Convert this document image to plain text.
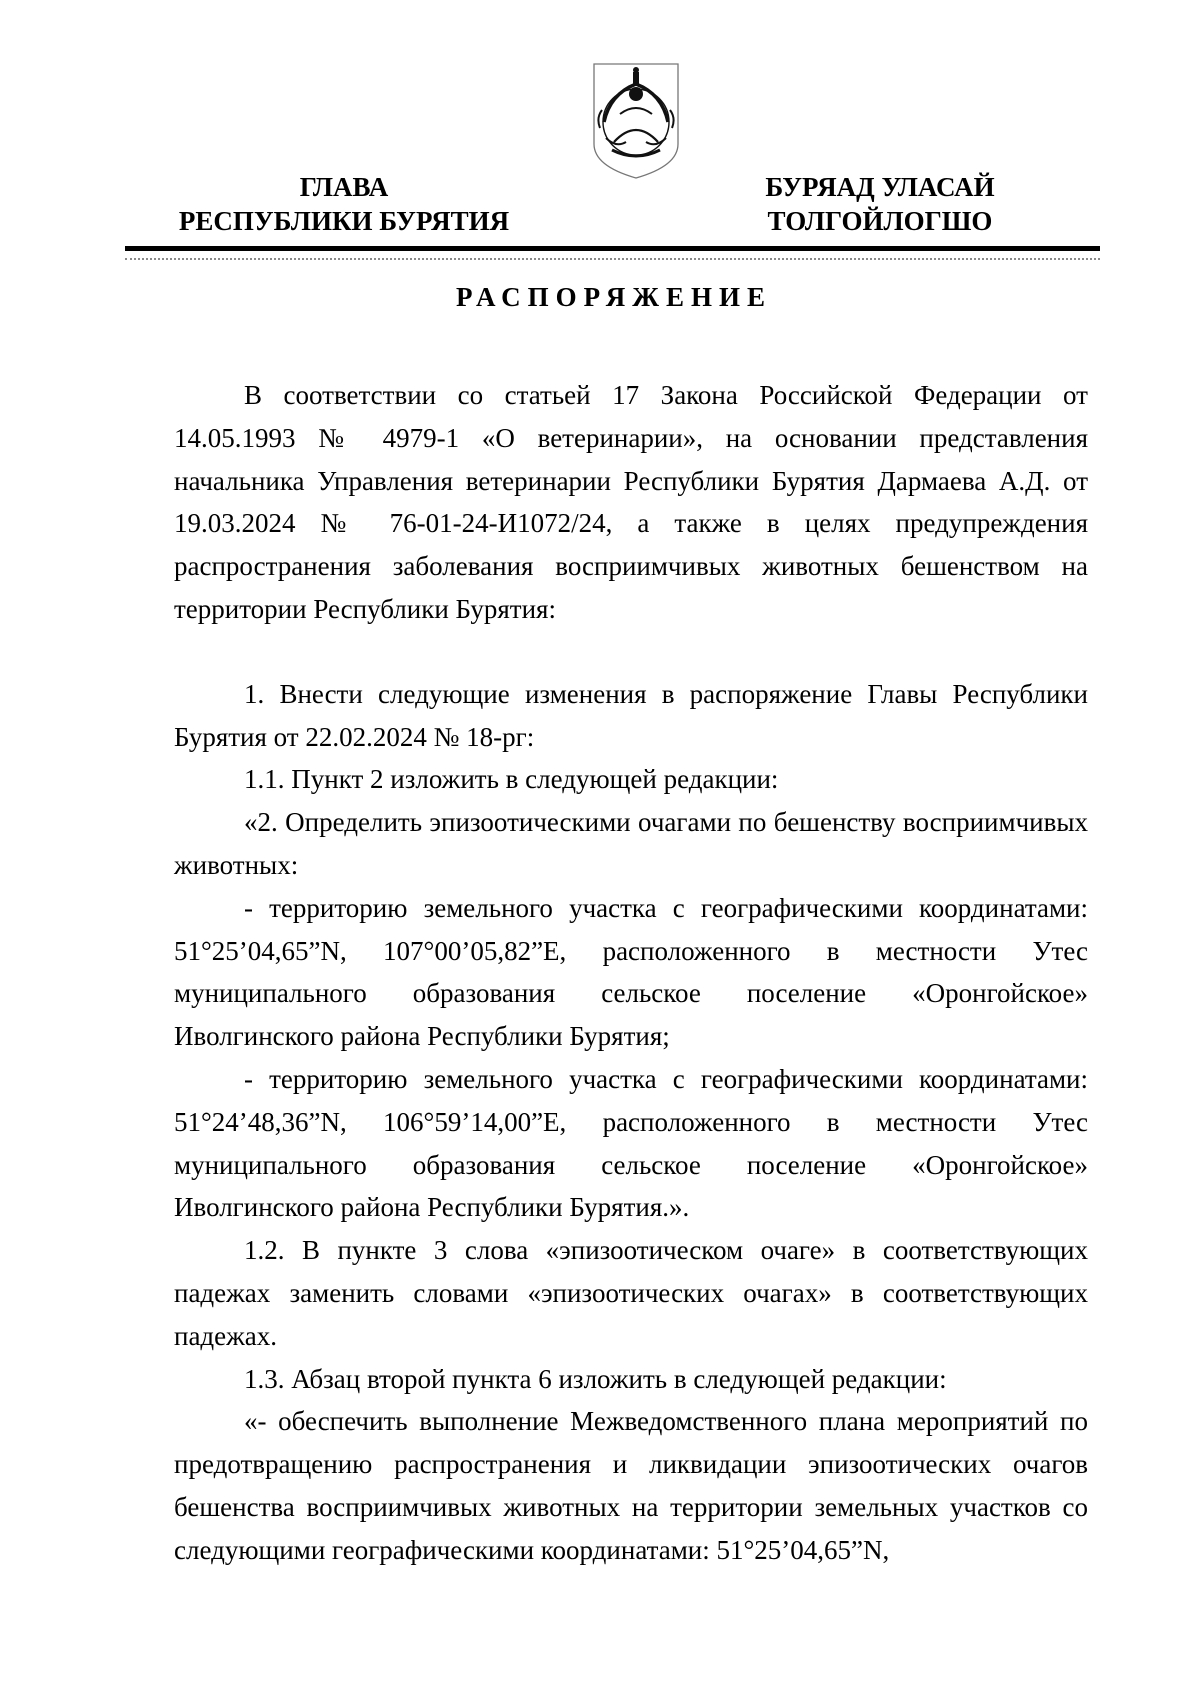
ГЛАВА
РЕСПУБЛИКИ БУРЯТИЯ
БУРЯАД УЛАСАЙ
ТОЛГОЙЛОГШО
РАСПОРЯЖЕНИЕ

В соответствии со статьей 17 Закона Российской Федерации от 14.05.1993 № 4979-1 «О ветеринарии», на основании представления начальника Управления ветеринарии Республики Бурятия Дармаева А.Д. от 19.03.2024 № 76-01-24-И1072/24, а также в целях предупреждения распространения заболевания восприимчивых животных бешенством на территории Республики Бурятия:

1. Внести следующие изменения в распоряжение Главы Республики Бурятия от 22.02.2024 № 18-рг:

1.1. Пункт 2 изложить в следующей редакции:

«2. Определить эпизоотическими очагами по бешенству восприимчивых животных:

- территорию земельного участка с географическими координатами: 51°25’04,65”N, 107°00’05,82”E, расположенного в местности Утес муниципального образования сельское поселение «Оронгойское» Иволгинского района Республики Бурятия;

- территорию земельного участка с географическими координатами: 51°24’48,36”N, 106°59’14,00”E, расположенного в местности Утес муниципального образования сельское поселение «Оронгойское» Иволгинского района Республики Бурятия.».

1.2. В пункте 3 слова «эпизоотическом очаге» в соответствующих падежах заменить словами «эпизоотических очагах» в соответствующих падежах.

1.3. Абзац второй пункта 6 изложить в следующей редакции:

«- обеспечить выполнение Межведомственного плана мероприятий по предотвращению распространения и ликвидации эпизоотических очагов бешенства восприимчивых животных на территории земельных участков со следующими географическими координатами: 51°25’04,65”N,
